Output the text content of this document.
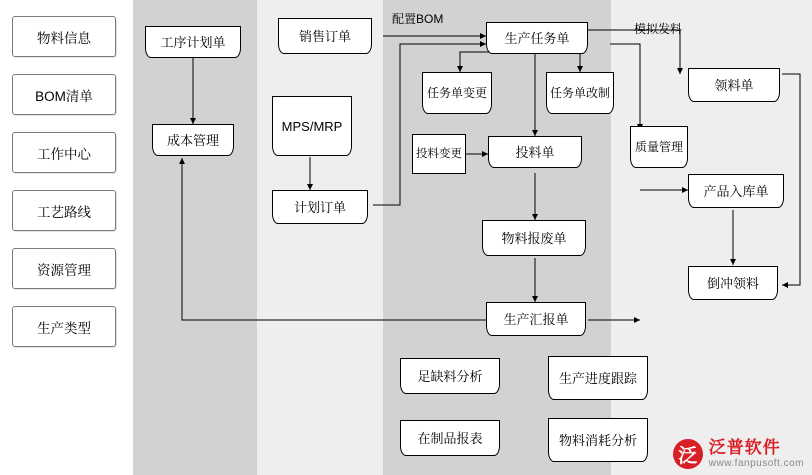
配置BOM
模拟发料
物料信息
BOM清单
工作中心
工艺路线
资源管理
生产类型
工序计划单	销售订单	生产任务单
领料单
任务单变更	任务单改制
成本管理
MPS/MRP
投料变更	投料单	质量管理
计划订单
产品入库单
物料报废单
倒冲领料
生产汇报单
足缺料分析	生产进度跟踪
在制品报表	物料消耗分析
泛 泛普软件
www.fanpusoft.com
